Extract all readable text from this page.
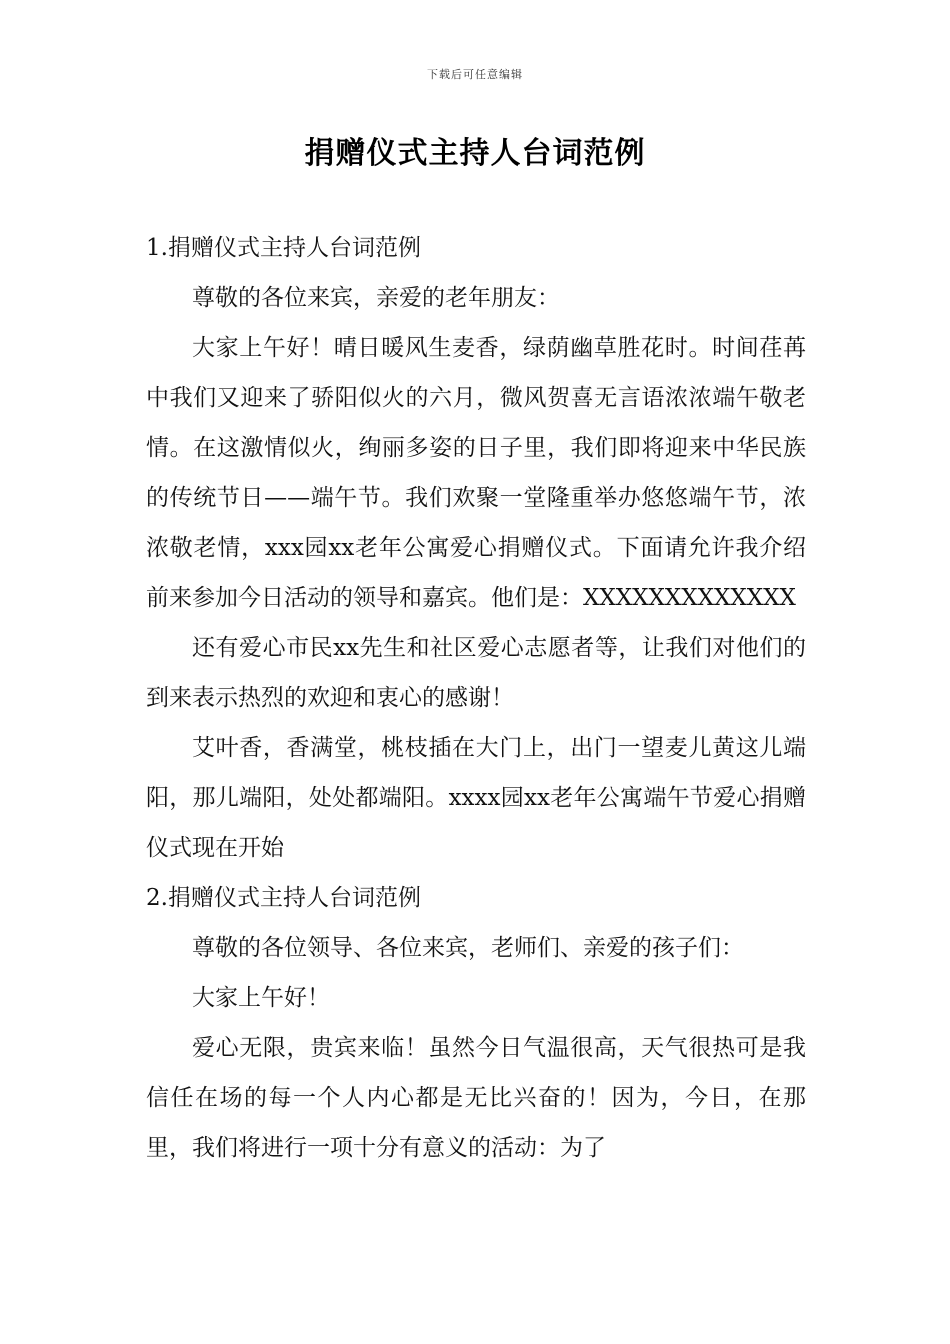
下载后可任意编辑
捐赠仪式主持人台词范例

1.捐赠仪式主持人台词范例

尊敬的各位来宾，亲爱的老年朋友：

大家上午好！晴日暖风生麦香，绿荫幽草胜花时。时间荏苒中我们又迎来了骄阳似火的六月，微风贺喜无言语浓浓端午敬老情。在这激情似火，绚丽多姿的日子里，我们即将迎来中华民族的传统节日——端午节。我们欢聚一堂隆重举办悠悠端午节，浓浓敬老情，xxx园xx老年公寓爱心捐赠仪式。下面请允许我介绍前来参加今日活动的领导和嘉宾。他们是：XXXXXXXXXXXXX

还有爱心市民xx先生和社区爱心志愿者等，让我们对他们的到来表示热烈的欢迎和衷心的感谢！

艾叶香，香满堂，桃枝插在大门上，出门一望麦儿黄这儿端阳，那儿端阳，处处都端阳。xxxx园xx老年公寓端午节爱心捐赠仪式现在开始

2.捐赠仪式主持人台词范例

尊敬的各位领导、各位来宾，老师们、亲爱的孩子们：

大家上午好！

爱心无限，贵宾来临！虽然今日气温很高，天气很热可是我信任在场的每一个人内心都是无比兴奋的！因为，今日，在那里，我们将进行一项十分有意义的活动：为了
